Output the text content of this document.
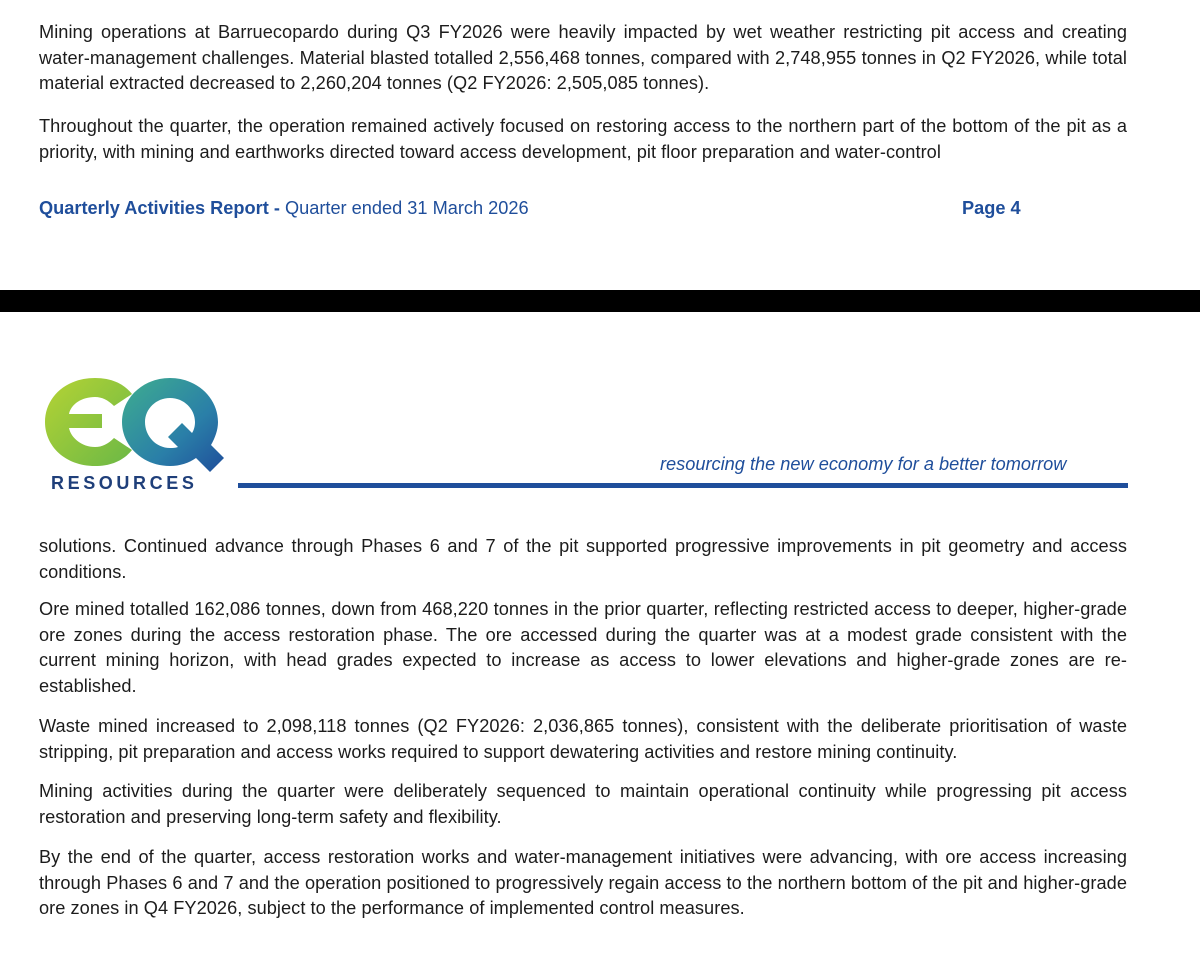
Mining operations at Barruecopardo during Q3 FY2026 were heavily impacted by wet weather restricting pit access and creating water-management challenges. Material blasted totalled 2,556,468 tonnes, compared with 2,748,955 tonnes in Q2 FY2026, while total material extracted decreased to 2,260,204 tonnes (Q2 FY2026: 2,505,085 tonnes).

Throughout the quarter, the operation remained actively focused on restoring access to the northern part of the bottom of the pit as a priority, with mining and earthworks directed toward access development, pit floor preparation and water-control

Quarterly Activities Report - Quarter ended 31 March 2026	Page 4
RESOURCES
resourcing the new economy for a better tomorrow

solutions. Continued advance through Phases 6 and 7 of the pit supported progressive improvements in pit geometry and access conditions.

Ore mined totalled 162,086 tonnes, down from 468,220 tonnes in the prior quarter, reflecting restricted access to deeper, higher-grade ore zones during the access restoration phase. The ore accessed during the quarter was at a modest grade consistent with the current mining horizon, with head grades expected to increase as access to lower elevations and higher-grade zones are re-established.

Waste mined increased to 2,098,118 tonnes (Q2 FY2026: 2,036,865 tonnes), consistent with the deliberate prioritisation of waste stripping, pit preparation and access works required to support dewatering activities and restore mining continuity.

Mining activities during the quarter were deliberately sequenced to maintain operational continuity while progressing pit access restoration and preserving long-term safety and flexibility.

By the end of the quarter, access restoration works and water-management initiatives were advancing, with ore access increasing through Phases 6 and 7 and the operation positioned to progressively regain access to the northern bottom of the pit and higher-grade ore zones in Q4 FY2026, subject to the performance of implemented control measures.
